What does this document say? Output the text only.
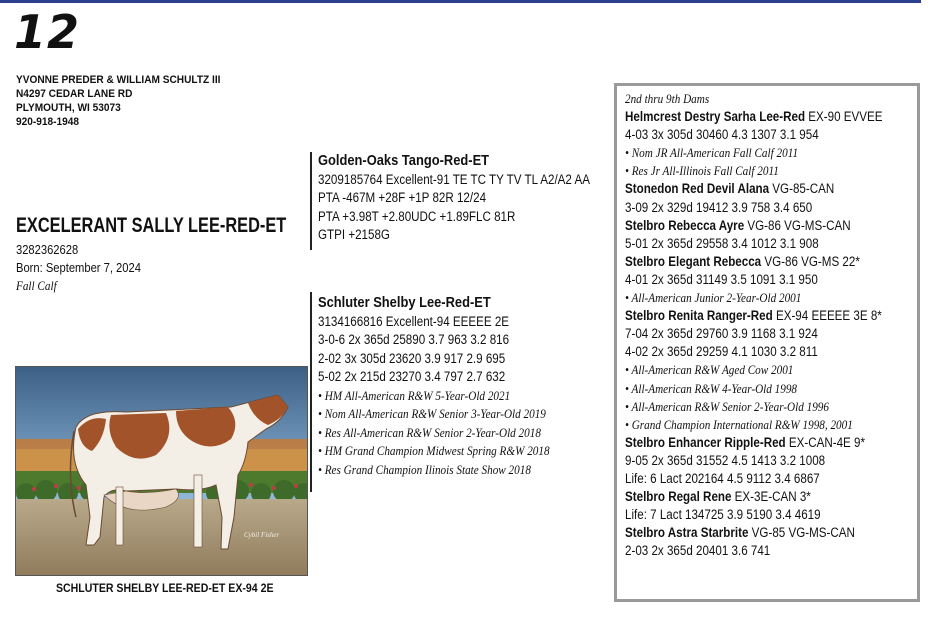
12
YVONNE PREDER & WILLIAM SCHULTZ III
N4297 CEDAR LANE RD
PLYMOUTH, WI 53073
920-918-1948
EXCELERANT SALLY LEE-RED-ET
3282362628
Born: September 7, 2024
Fall Calf
Cybil Fisher
SCHLUTER SHELBY LEE-RED-ET EX-94 2E
Golden-Oaks Tango-Red-ET
3209185764 Excellent-91 TE TC TY TV TL A2/A2 AA
PTA -467M +28F +1P 82R 12/24
PTA +3.98T +2.80UDC +1.89FLC 81R
GTPI +2158G
Schluter Shelby Lee-Red-ET
3134166816 Excellent-94 EEEEE 2E
3-0-6 2x 365d 25890 3.7 963 3.2 816
2-02 3x 305d 23620 3.9 917 2.9 695
5-02 2x 215d 23270 3.4 797 2.7 632
• HM All-American R&W 5-Year-Old 2021
• Nom All-American R&W Senior 3-Year-Old 2019
• Res All-American R&W Senior 2-Year-Old 2018
• HM Grand Champion Midwest Spring R&W 2018
• Res Grand Champion Ilinois State Show 2018
2nd thru 9th Dams
Helmcrest Destry Sarha Lee-Red EX-90 EVVEE
4-03 3x 305d 30460 4.3 1307 3.1 954
• Nom JR All-American Fall Calf 2011
• Res Jr All-Illinois Fall Calf 2011
Stonedon Red Devil Alana VG-85-CAN
3-09 2x 329d 19412 3.9 758 3.4 650
Stelbro Rebecca Ayre VG-86 VG-MS-CAN
5-01 2x 365d 29558 3.4 1012 3.1 908
Stelbro Elegant Rebecca VG-86 VG-MS 22*
4-01 2x 365d 31149 3.5 1091 3.1 950
• All-American Junior 2-Year-Old 2001
Stelbro Renita Ranger-Red EX-94 EEEEE 3E 8*
7-04 2x 365d 29760 3.9 1168 3.1 924
4-02 2x 365d 29259 4.1 1030 3.2 811
• All-American R&W Aged Cow 2001
• All-American R&W 4-Year-Old 1998
• All-American R&W Senior 2-Year-Old 1996
• Grand Champion International R&W 1998, 2001
Stelbro Enhancer Ripple-Red EX-CAN-4E 9*
9-05 2x 365d 31552 4.5 1413 3.2 1008
Life: 6 Lact 202164 4.5 9112 3.4 6867
Stelbro Regal Rene EX-3E-CAN 3*
Life: 7 Lact 134725 3.9 5190 3.4 4619
Stelbro Astra Starbrite VG-85 VG-MS-CAN
2-03 2x 365d 20401 3.6 741
